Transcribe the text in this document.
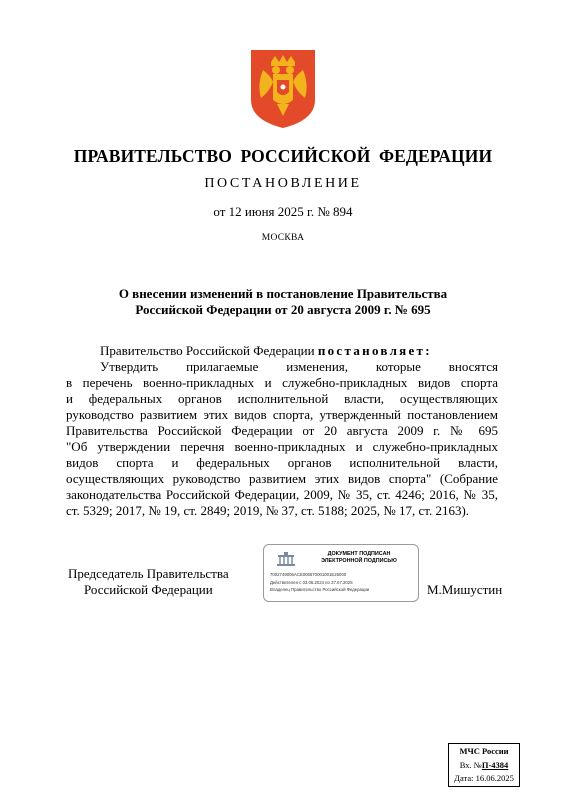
ПРАВИТЕЛЬСТВО РОССИЙСКОЙ ФЕДЕРАЦИИ
ПОСТАНОВЛЕНИЕ
от 12 июня 2025 г. № 894
МОСКВА
О внесении изменений в постановление Правительства
Российской Федерации от 20 августа 2009 г. № 695
Правительство Российской Федерации постановляет:
Утвердить прилагаемые изменения, которые вносятся
в перечень военно-прикладных и служебно-прикладных видов спорта
и федеральных органов исполнительной власти, осуществляющих
руководство развитием этих видов спорта, утвержденный постановлением
Правительства Российской Федерации от 20 августа 2009 г. № 695
"Об утверждении перечня военно-прикладных и служебно-прикладных
видов спорта и федеральных органов исполнительной власти,
осуществляющих руководство развитием этих видов спорта" (Собрание
законодательства Российской Федерации, 2009, № 35, ст. 4246; 2016, № 35,
ст. 5329; 2017, № 19, ст. 2849; 2019, № 37, ст. 5188; 2025, № 17, ст. 2163).
Председатель Правительства
Российской Федерации	М.Мишустин
ДОКУМЕНТ ПОДПИСАН
ЭЛЕКТРОННОЙ ПОДПИСЬЮ
7002749006ACE006670001001E25000
Действителен с 03.06.2024 по 27.07.2025
Владелец Правительство Российской Федерации
МЧС России
Вх. №П-4384
Дата: 16.06.2025
